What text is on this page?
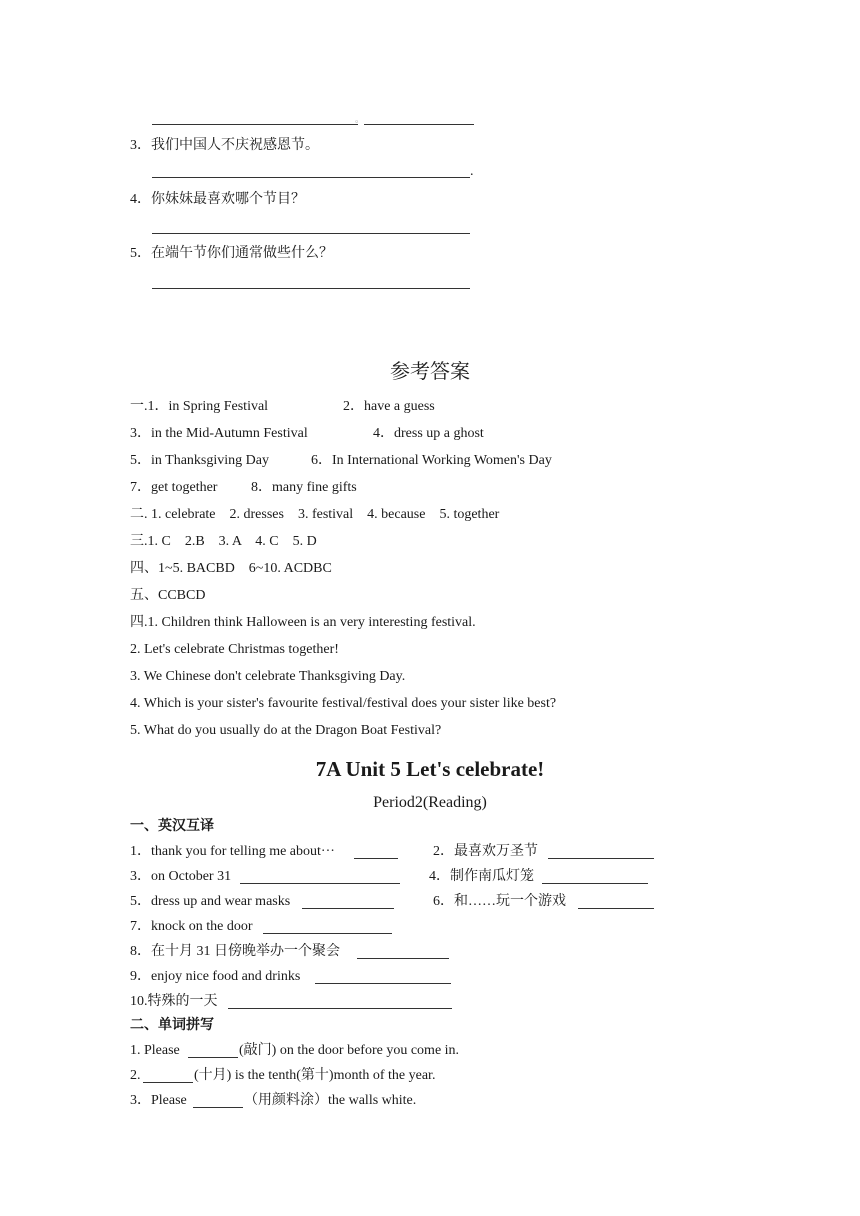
。
3．我们中国人不庆祝感恩节。
.
4．你妹妹最喜欢哪个节目？
5．在端午节你们通常做些什么？
参考答案
一.1．in Spring Festival	2．have a guess
3．in the Mid-Autumn Festival	4．dress up a ghost
5．in Thanksgiving Day	6．In International Working Women's Day
7．get together 8．many fine gifts
二. 1. celebrate    2. dresses    3. festival    4. because    5. together
三.1. C    2.B    3. A    4. C    5. D
四、1~5. BACBD    6~10. ACDBC
五、CCBCD
四.1. Children think Halloween is an very interesting festival.
2. Let's celebrate Christmas together!
3. We Chinese don't celebrate Thanksgiving Day.
4. Which is your sister's favourite festival/festival does your sister like best?
5. What do you usually do at the Dragon Boat Festival?
7A Unit 5 Let's celebrate!
Period2(Reading)
一、英汉互译
1．thank you for telling me about···	2．最喜欢万圣节
3．on October 31	4．制作南瓜灯笼
5．dress up and wear masks	6．和……玩一个游戏
7．knock on the door
8．在十月 31 日傍晚举办一个聚会
9．enjoy nice food and drinks
10.特殊的一天
二、单词拼写
1. Please	(敲门) on the door before you come in.
2.	(十月) is the tenth(第十)month of the year.
3．Please	（用颜料涂）the walls white.
